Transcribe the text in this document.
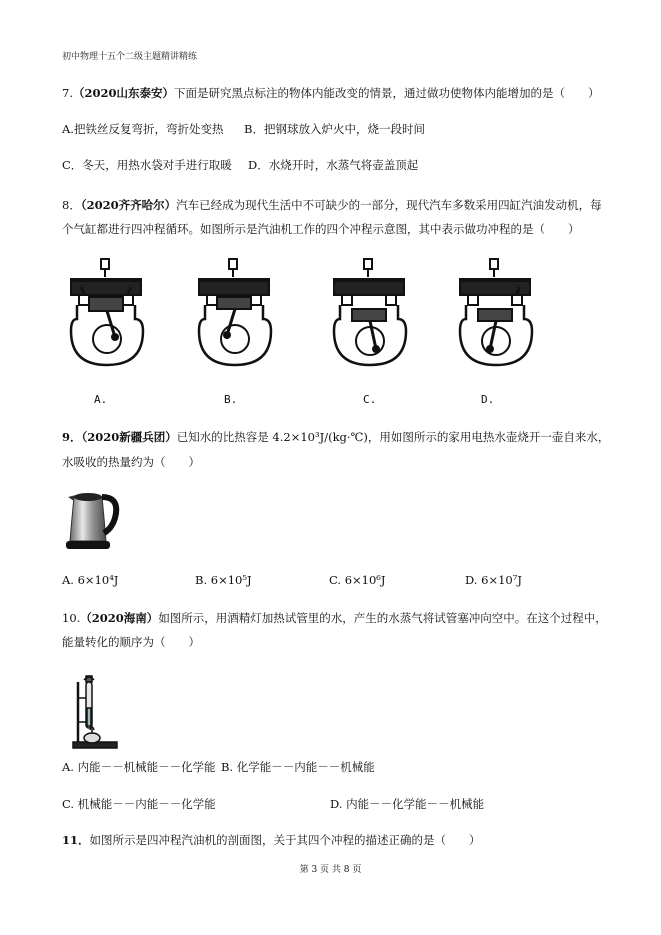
初中物理十五个二级主题精讲精练
7.（2020山东泰安）下面是研究黑点标注的物体内能改变的情景，通过做功使物体内能增加的是（　　）
A.把铁丝反复弯折，弯折处变热 B．把钢球放入炉火中，烧一段时间
C．冬天，用热水袋对手进行取暖 D．水烧开时，水蒸气将壶盖顶起
8．（2020齐齐哈尔）汽车已经成为现代生活中不可缺少的一部分，现代汽车多数采用四缸汽油发动机，每
个气缸都进行四冲程循环。如图所示是汽油机工作的四个冲程示意图，其中表示做功冲程的是（　　）
A.	B.	C.	D.
9．（2020新疆兵团）已知水的比热容是 4.2×10³J/(kg·℃)，用如图所示的家用电热水壶烧开一壶自来水，
水吸收的热量约为（　　）
A. 6×10⁴J	B. 6×10⁵J	C. 6×10⁶J	D. 6×10⁷J
10.（2020海南）如图所示，用酒精灯加热试管里的水，产生的水蒸气将试管塞冲向空中。在这个过程中，
能量转化的顺序为（　　）
A. 内能－－机械能－－化学能 B. 化学能－－内能－－机械能
C. 机械能－－内能－－化学能	D. 内能－－化学能－－机械能
11．如图所示是四冲程汽油机的剖面图，关于其四个冲程的描述正确的是（　　）
第 3 页 共 8 页
